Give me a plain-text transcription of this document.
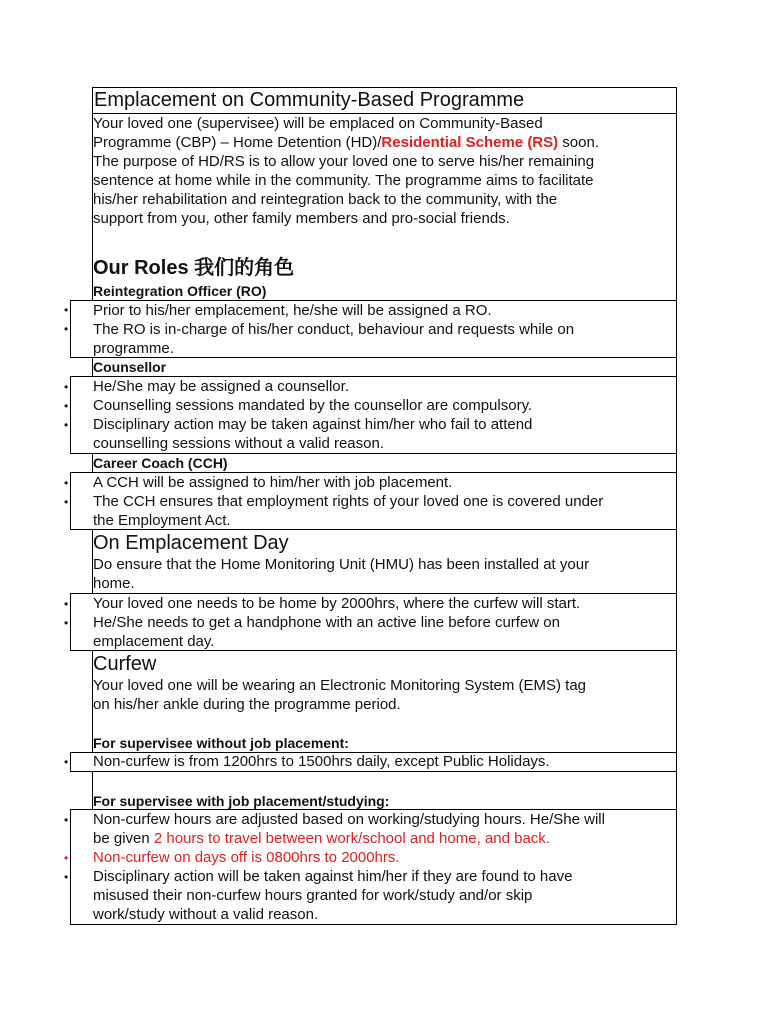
Emplacement on Community-Based Programme
Your loved one (supervisee) will be emplaced on Community-Based
Programme (CBP) – Home Detention (HD)/Residential Scheme (RS) soon.
The purpose of HD/RS is to allow your loved one to serve his/her remaining
sentence at home while in the community. The programme aims to facilitate
his/her rehabilitation and reintegration back to the community, with the
support from you, other family members and pro-social friends.
Our Roles 我们的角色
Reintegration Officer (RO)
•
•
Prior to his/her emplacement, he/she will be assigned a RO.
The RO is in-charge of his/her conduct, behaviour and requests while on
programme.
Counsellor
•
•
•
He/She may be assigned a counsellor.
Counselling sessions mandated by the counsellor are compulsory.
Disciplinary action may be taken against him/her who fail to attend
counselling sessions without a valid reason.
Career Coach (CCH)
•
•
A CCH will be assigned to him/her with job placement.
The CCH ensures that employment rights of your loved one is covered under
the Employment Act.
On Emplacement Day
Do ensure that the Home Monitoring Unit (HMU) has been installed at your
home.
•
•
Your loved one needs to be home by 2000hrs, where the curfew will start.
He/She needs to get a handphone with an active line before curfew on
emplacement day.
Curfew
Your loved one will be wearing an Electronic Monitoring System (EMS) tag
on his/her ankle during the programme period.
For supervisee without job placement:
• Non-curfew is from 1200hrs to 1500hrs daily, except Public Holidays.
For supervisee with job placement/studying:
•
•
•
Non-curfew hours are adjusted based on working/studying hours. He/She will
be given 2 hours to travel between work/school and home, and back.
Non-curfew on days off is 0800hrs to 2000hrs.
Disciplinary action will be taken against him/her if they are found to have
misused their non-curfew hours granted for work/study and/or skip
work/study without a valid reason.
